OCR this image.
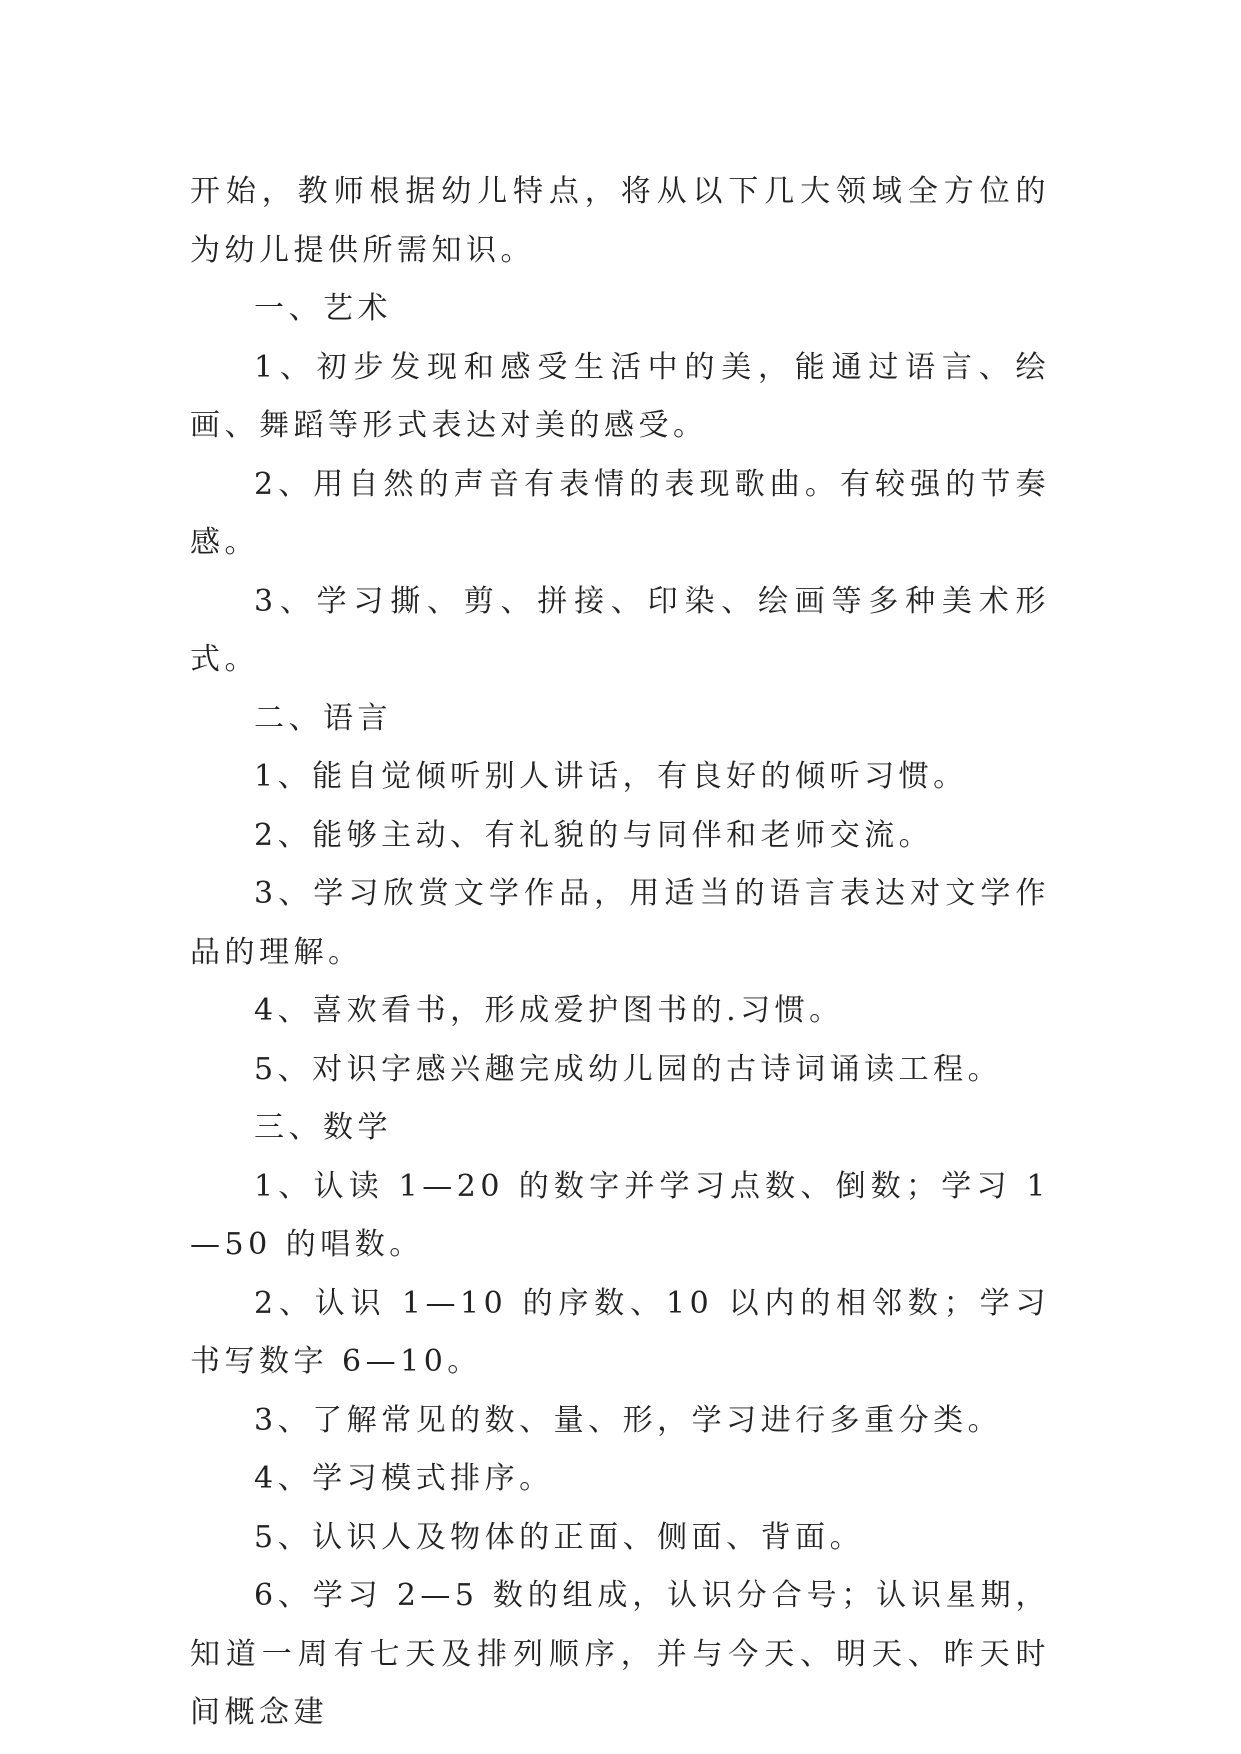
开始，教师根据幼儿特点，将从以下几大领域全方位的为幼儿提供所需知识。

一、艺术

1、初步发现和感受生活中的美，能通过语言、绘画、舞蹈等形式表达对美的感受。

2、用自然的声音有表情的表现歌曲。有较强的节奏感。

3、学习撕、剪、拼接、印染、绘画等多种美术形式。

二、语言

1、能自觉倾听别人讲话，有良好的倾听习惯。

2、能够主动、有礼貌的与同伴和老师交流。

3、学习欣赏文学作品，用适当的语言表达对文学作品的理解。

4、喜欢看书，形成爱护图书的.习惯。

5、对识字感兴趣完成幼儿园的古诗词诵读工程。

三、数学

1、认读 1—20 的数字并学习点数、倒数；学习 1—50 的唱数。

2、认识 1—10 的序数、10 以内的相邻数；学习书写数字 6—10。

3、了解常见的数、量、形，学习进行多重分类。

4、学习模式排序。

5、认识人及物体的正面、侧面、背面。

6、学习 2—5 数的组成，认识分合号；认识星期，知道一周有七天及排列顺序，并与今天、明天、昨天时间概念建
